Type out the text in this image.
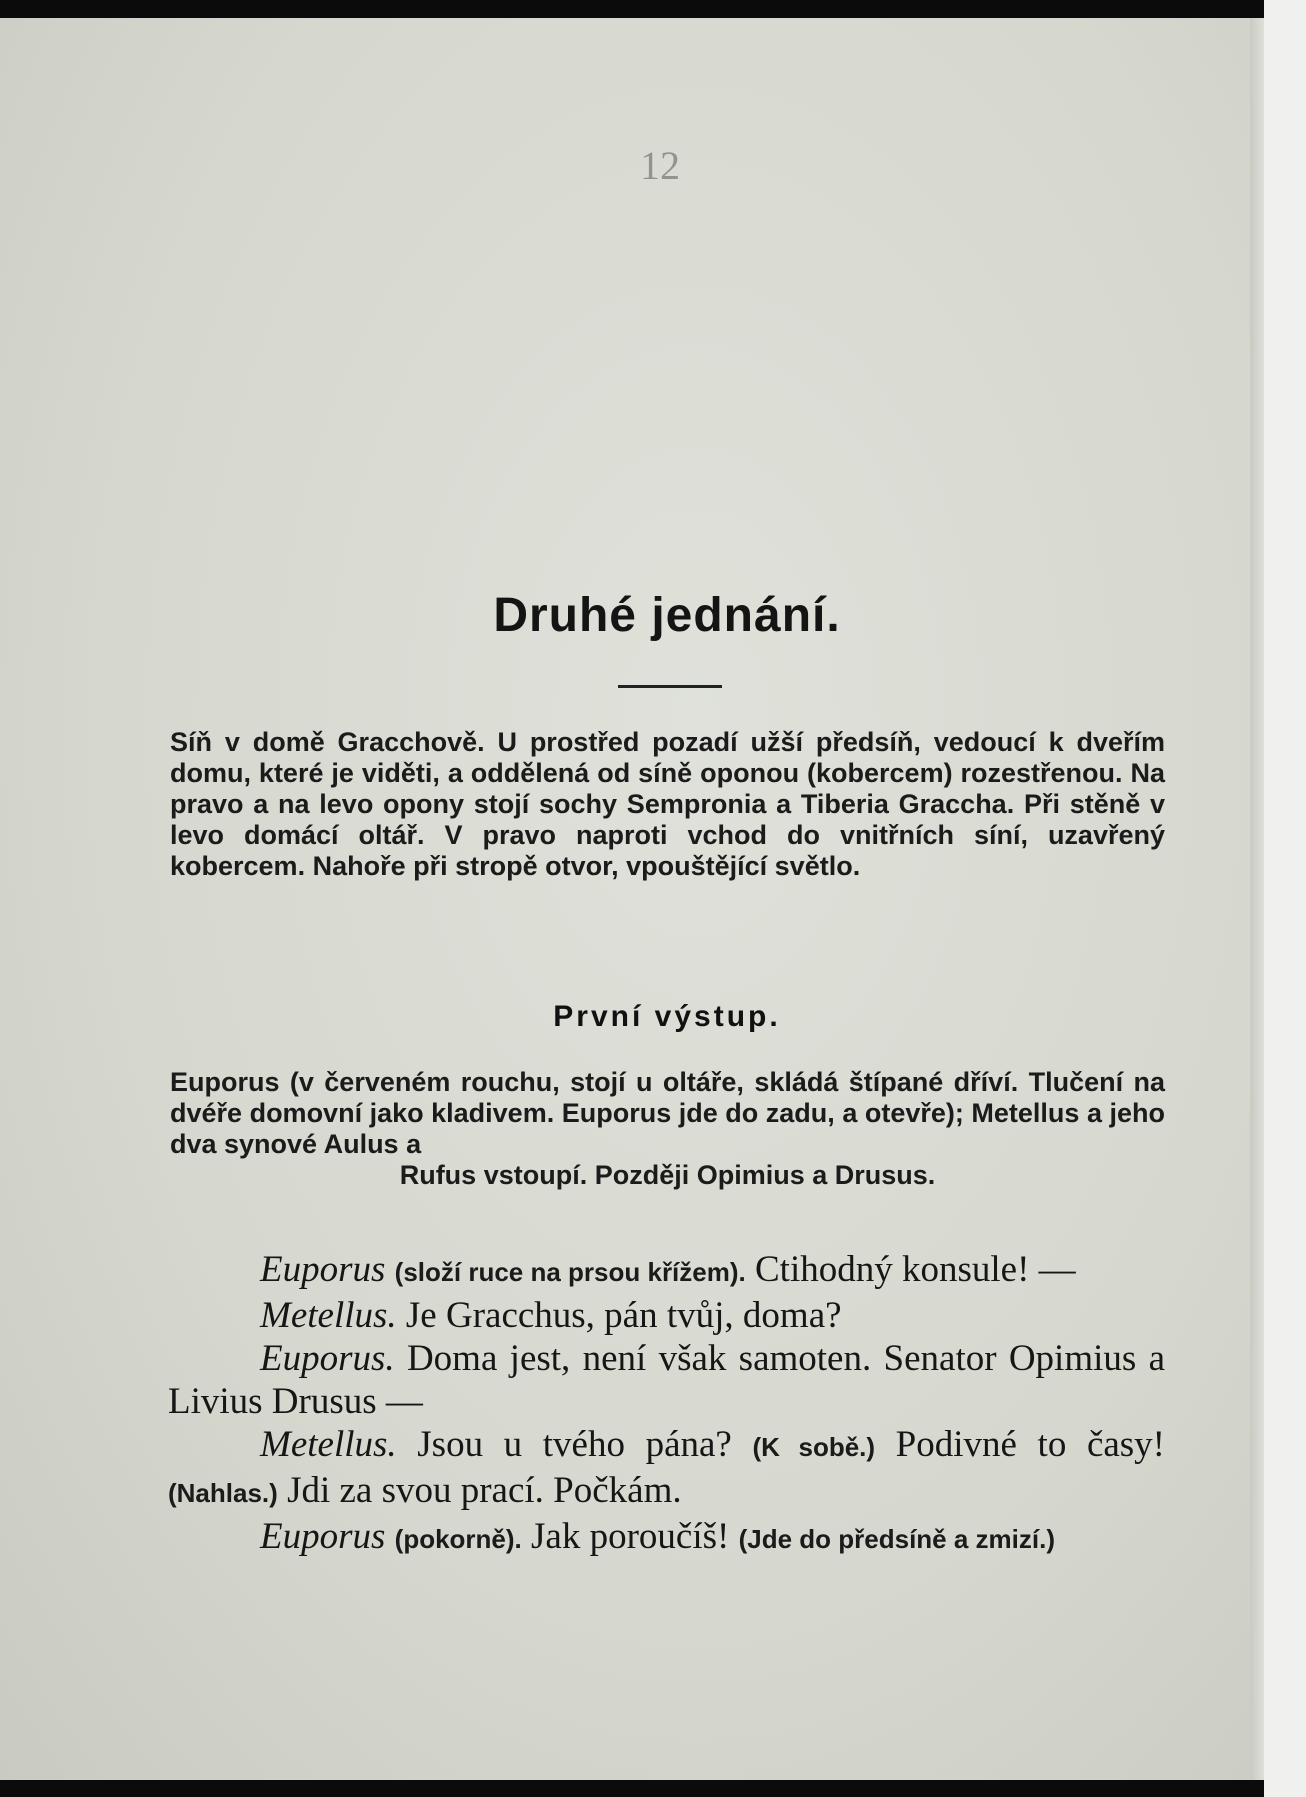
12
Druhé jednání.
Síň v domě Gracchově. U prostřed pozadí užší předsíň, vedoucí k dveřím domu, které je viděti, a oddělená od síně oponou (kobercem) rozestřenou. Na pravo a na levo opony stojí sochy Sempronia a Tiberia Graccha. Při stěně v levo domácí oltář. V pravo naproti vchod do vnitřních síní, uzavřený kobercem. Nahoře při stropě otvor, vpouštějící světlo.
První výstup.
Euporus (v červeném rouchu, stojí u oltáře, skládá štípané dříví. Tlučení na dvéře domovní jako kladivem. Euporus jde do zadu, a otevře); Metellus a jeho dva synové Aulus a
Rufus vstoupí. Později Opimius a Drusus.

Euporus (složí ruce na prsou křížem). Ctihodný konsule! —

Metellus. Je Gracchus, pán tvůj, doma?

Euporus. Doma jest, není však samoten. Senator Opimius a Livius Drusus —

Metellus. Jsou u tvého pána? (K sobě.) Podivné to časy! (Nahlas.) Jdi za svou prací. Počkám.

Euporus (pokorně). Jak poroučíš! (Jde do předsíně a zmizí.)
